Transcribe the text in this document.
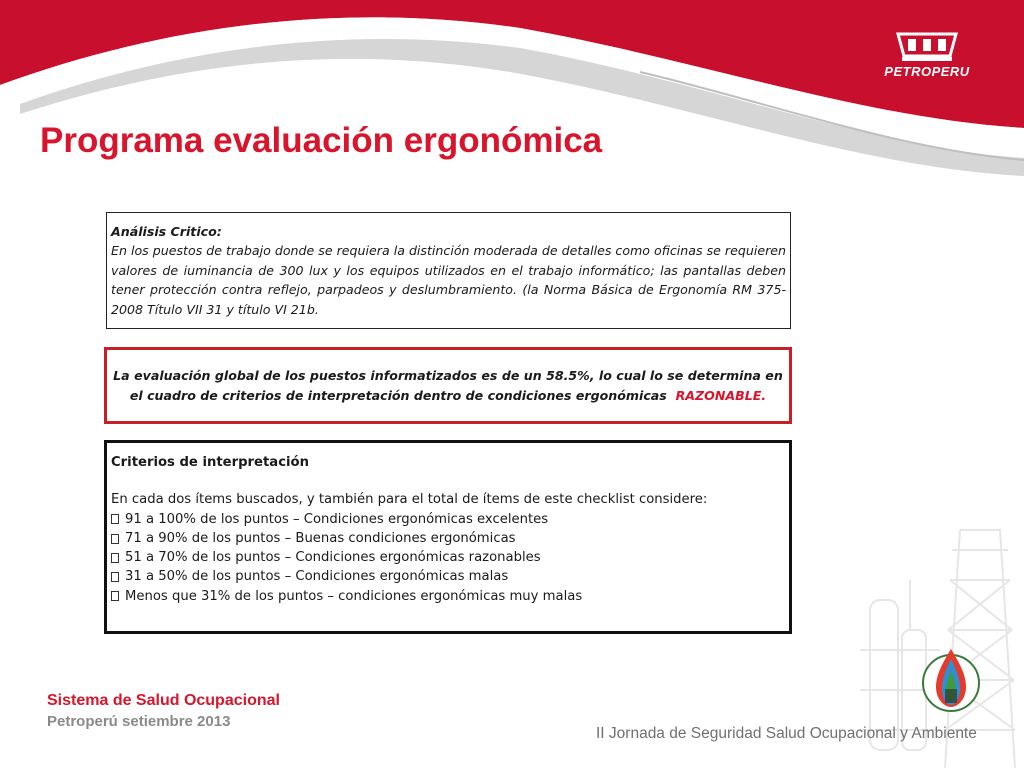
PETROPERU
Programa evaluación ergonómica

Análisis Critico:

En los puestos de trabajo donde se requiera la distinción moderada de detalles como oficinas se requieren valores de iuminancia de 300 lux y los equipos utilizados en el trabajo informático; las pantallas deben tener protección contra reflejo, parpadeos y deslumbramiento. (la Norma Básica de Ergonomía RM 375-2008 Título VII 31 y título VI 21b.

La evaluación global de los puestos informatizados es de un 58.5%, lo cual lo se determina en el cuadro de criterios de interpretación dentro de condiciones ergonómicas RAZONABLE.

Criterios de interpretación

En cada dos ítems buscados, y también para el total de ítems de este checklist considere:

91 a 100% de los puntos – Condiciones ergonómicas excelentes
71 a 90% de los puntos – Buenas condiciones ergonómicas
51 a 70% de los puntos – Condiciones ergonómicas razonables
31 a 50% de los puntos – Condiciones ergonómicas malas
Menos que 31% de los puntos – condiciones ergonómicas muy malas

Sistema de Salud Ocupacional

Petroperú setiembre 2013

II Jornada de Seguridad Salud Ocupacional y Ambiente
